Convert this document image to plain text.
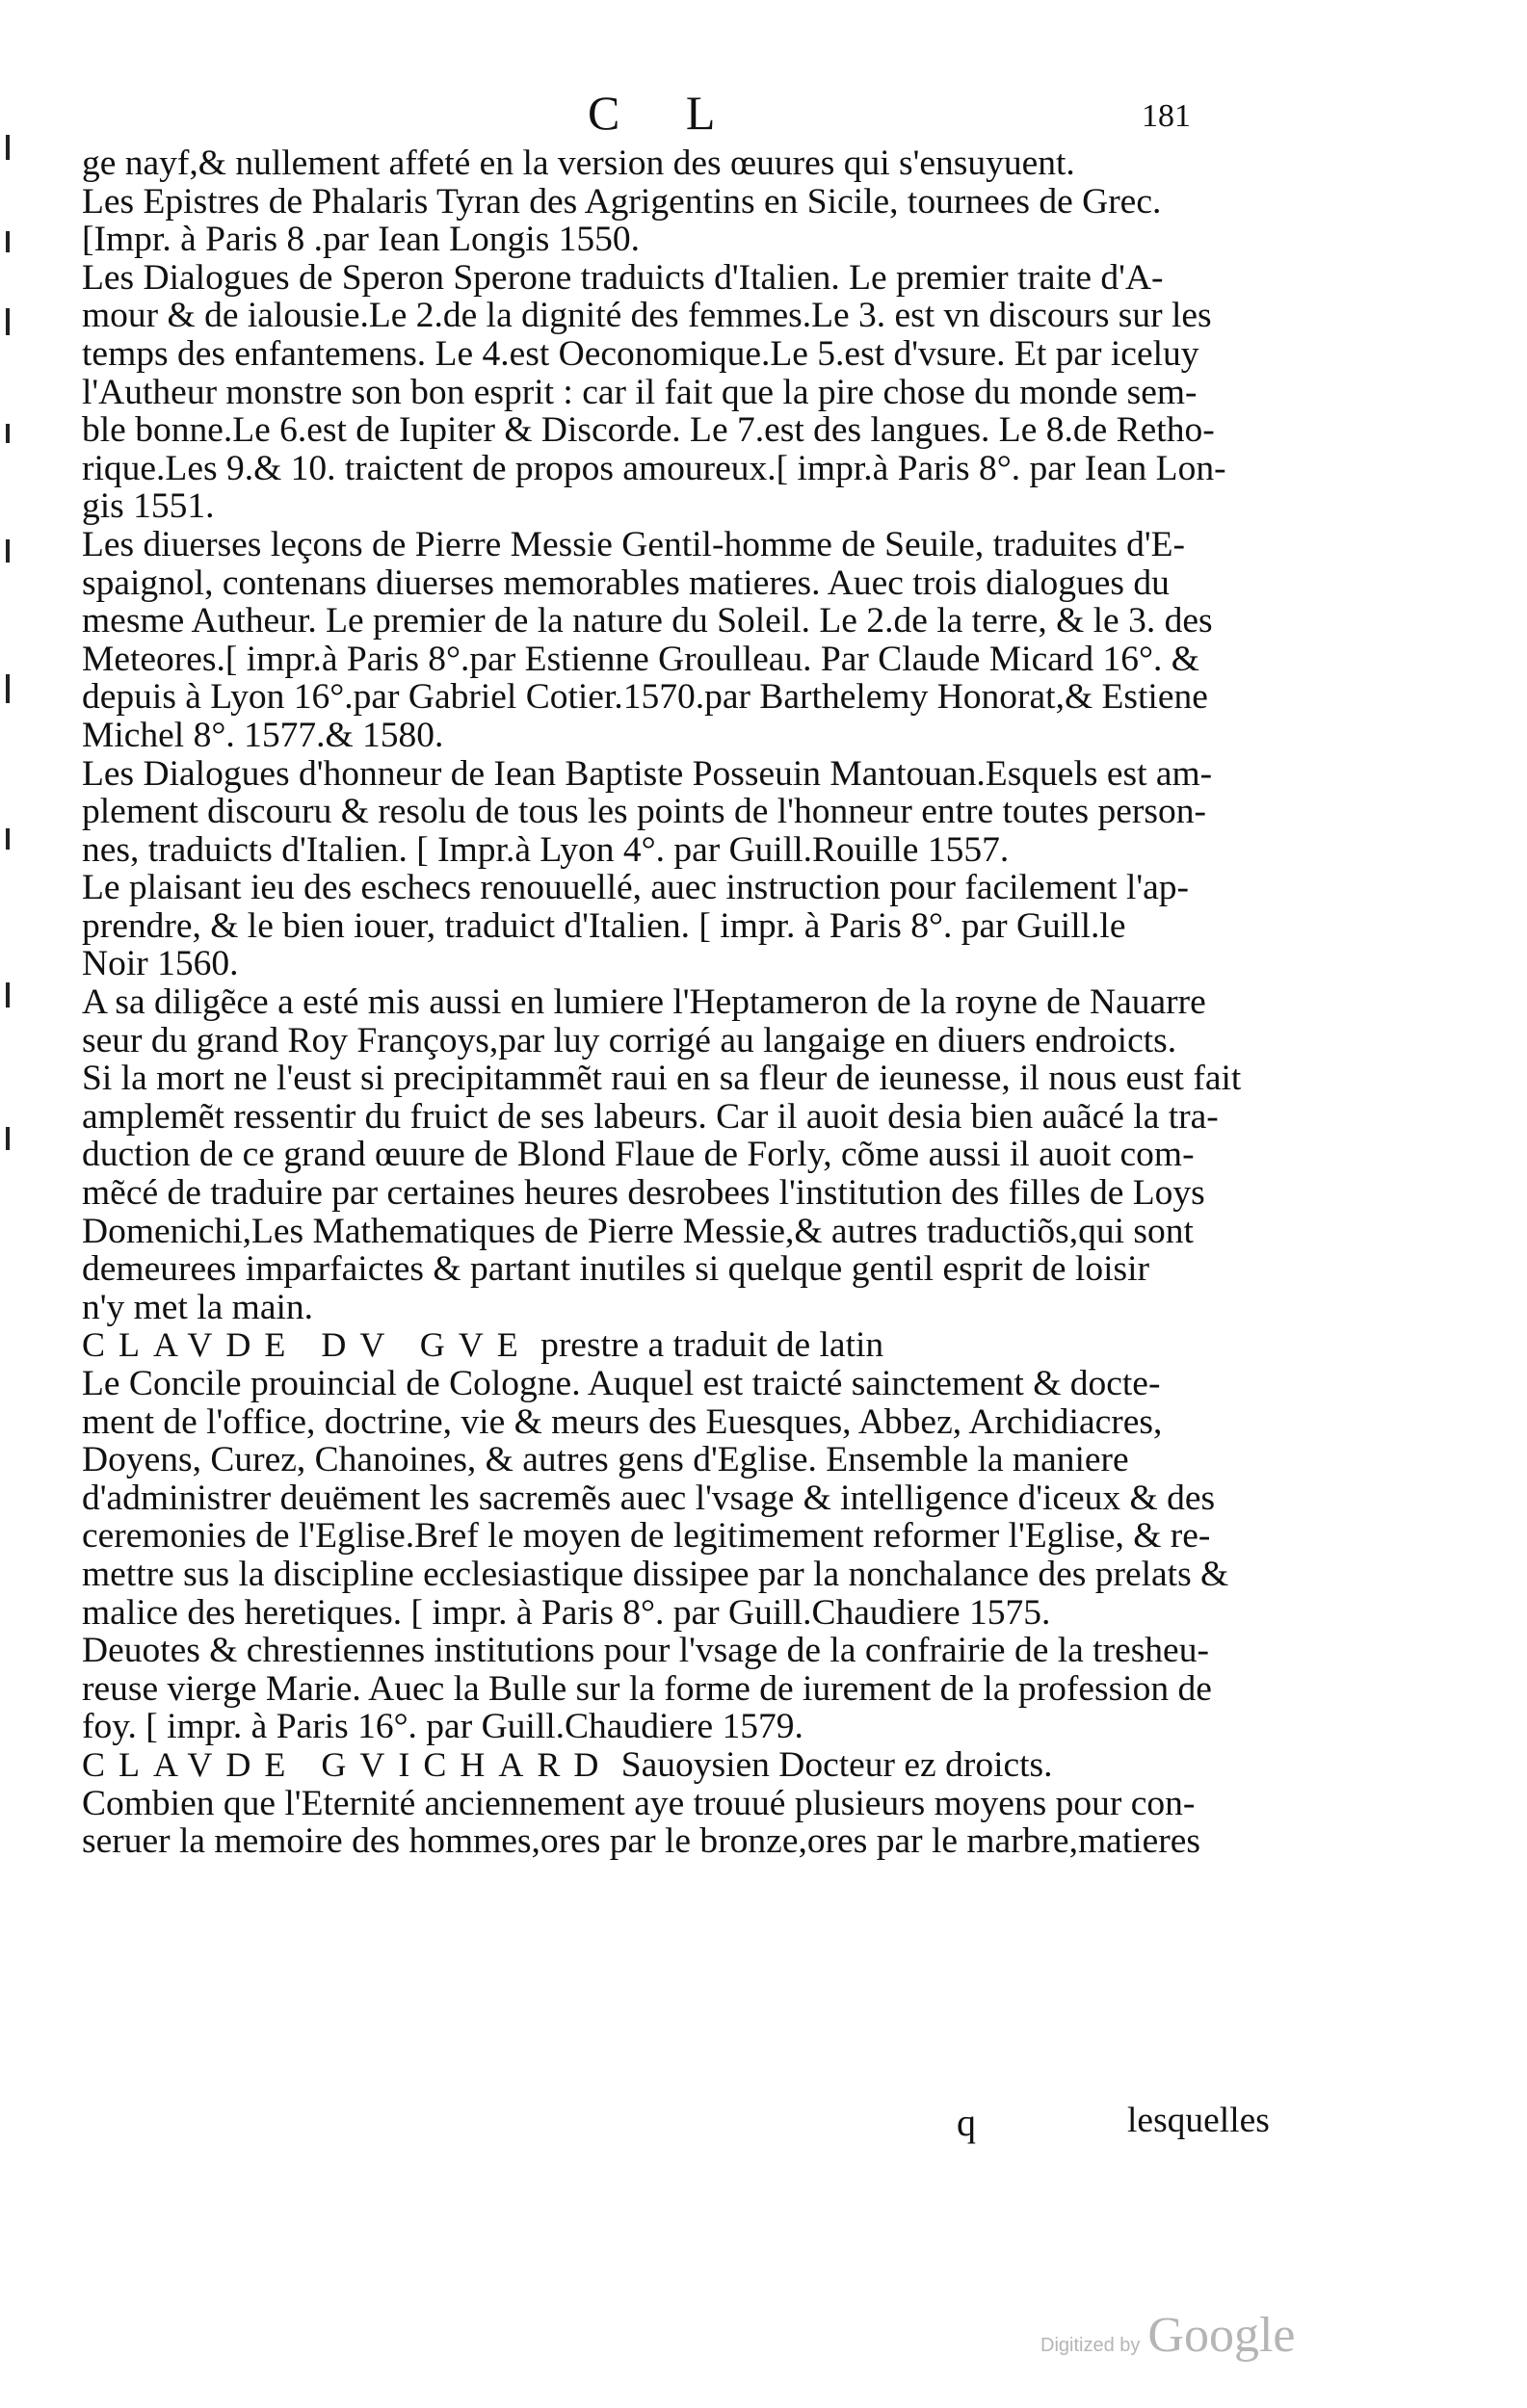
C L	181
ge nayf,& nullement affeté en la version des œuures qui s'ensuyuent.
Les Epistres de Phalaris Tyran des Agrigentins en Sicile, tournees de Grec.
[Impr. à Paris 8 .par Iean Longis 1550.
Les Dialogues de Speron Sperone traduicts d'Italien. Le premier traite d'A-
mour & de ialousie.Le 2.de la dignité des femmes.Le 3. est vn discours sur les
temps des enfantemens. Le 4.est Oeconomique.Le 5.est d'vsure. Et par iceluy
l'Autheur monstre son bon esprit : car il fait que la pire chose du monde sem-
ble bonne.Le 6.est de Iupiter & Discorde. Le 7.est des langues. Le 8.de Retho-
rique.Les 9.& 10. traictent de propos amoureux.[ impr.à Paris 8°. par Iean Lon-
gis 1551.
Les diuerses leçons de Pierre Messie Gentil-homme de Seuile, traduites d'E-
spaignol, contenans diuerses memorables matieres. Auec trois dialogues du
mesme Autheur. Le premier de la nature du Soleil. Le 2.de la terre, & le 3. des
Meteores.[ impr.à Paris 8°.par Estienne Groulleau. Par Claude Micard 16°. &
depuis à Lyon 16°.par Gabriel Cotier.1570.par Barthelemy Honorat,& Estiene
Michel 8°. 1577.& 1580.
Les Dialogues d'honneur de Iean Baptiste Posseuin Mantouan.Esquels est am-
plement discouru & resolu de tous les points de l'honneur entre toutes person-
nes, traduicts d'Italien. [ Impr.à Lyon 4°. par Guill.Rouille 1557.
Le plaisant ieu des eschecs renouuellé, auec instruction pour facilement l'ap-
prendre, & le bien iouer, traduict d'Italien. [ impr. à Paris 8°. par Guill.le
Noir 1560.
A sa diligẽce a esté mis aussi en lumiere l'Heptameron de la royne de Nauarre
seur du grand Roy Françoys,par luy corrigé au langaige en diuers endroicts.
Si la mort ne l'eust si precipitammẽt raui en sa fleur de ieunesse, il nous eust fait
amplemẽt ressentir du fruict de ses labeurs. Car il auoit desia bien auãcé la tra-
duction de ce grand œuure de Blond Flaue de Forly, cõme aussi il auoit com-
mẽcé de traduire par certaines heures desrobees l'institution des filles de Loys
Domenichi,Les Mathematiques de Pierre Messie,& autres traductiõs,qui sont
demeurees imparfaictes & partant inutiles si quelque gentil esprit de loisir
n'y met la main.
CLAVDE DV GVE prestre a traduit de latin
Le Concile prouincial de Cologne. Auquel est traicté sainctement & docte-
ment de l'office, doctrine, vie & meurs des Euesques, Abbez, Archidiacres,
Doyens, Curez, Chanoines, & autres gens d'Eglise. Ensemble la maniere
d'administrer deuëment les sacremẽs auec l'vsage & intelligence d'iceux & des
ceremonies de l'Eglise.Bref le moyen de legitimement reformer l'Eglise, & re-
mettre sus la discipline ecclesiastique dissipee par la nonchalance des prelats &
malice des heretiques. [ impr. à Paris 8°. par Guill.Chaudiere 1575.
Deuotes & chrestiennes institutions pour l'vsage de la confrairie de la tresheu-
reuse vierge Marie. Auec la Bulle sur la forme de iurement de la profession de
foy. [ impr. à Paris 16°. par Guill.Chaudiere 1579.
CLAVDE GVICHARD Sauoysien Docteur ez droicts.
Combien que l'Eternité anciennement aye trouué plusieurs moyens pour con-
seruer la memoire des hommes,ores par le bronze,ores par le marbre,matieres
q	lesquelles
Digitized by Google
